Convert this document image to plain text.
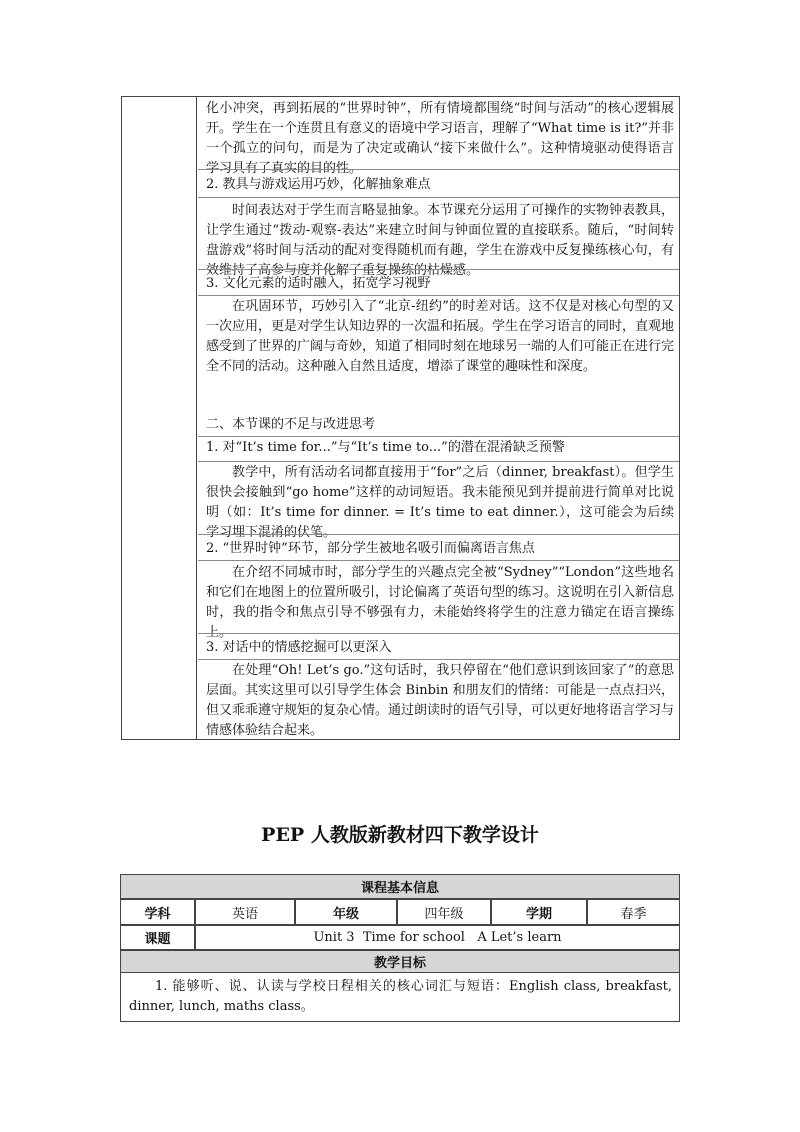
化小冲突，再到拓展的“世界时钟”，所有情境都围绕“时间与活动”的核心逻辑展开。学生在一个连贯且有意义的语境中学习语言，理解了“What time is it?”并非一个孤立的问句，而是为了决定或确认“接下来做什么”。这种情境驱动使得语言学习具有了真实的目的性。
2. 教具与游戏运用巧妙，化解抽象难点
时间表达对于学生而言略显抽象。本节课充分运用了可操作的实物钟表教具，让学生通过“拨动-观察-表达”来建立时间与钟面位置的直接联系。随后，“时间转盘游戏”将时间与活动的配对变得随机而有趣，学生在游戏中反复操练核心句，有效维持了高参与度并化解了重复操练的枯燥感。
3. 文化元素的适时融入，拓宽学习视野
在巩固环节，巧妙引入了“北京-纽约”的时差对话。这不仅是对核心句型的又一次应用，更是对学生认知边界的一次温和拓展。学生在学习语言的同时，直观地感受到了世界的广阔与奇妙，知道了相同时刻在地球另一端的人们可能正在进行完全不同的活动。这种融入自然且适度，增添了课堂的趣味性和深度。
二、本节课的不足与改进思考
1. 对“It’s time for...”与“It’s time to...”的潜在混淆缺乏预警
教学中，所有活动名词都直接用于“for”之后（dinner, breakfast）。但学生很快会接触到“go home”这样的动词短语。我未能预见到并提前进行简单对比说明（如：It’s time for dinner. = It’s time to eat dinner.），这可能会为后续学习埋下混淆的伏笔。
2. “世界时钟”环节，部分学生被地名吸引而偏离语言焦点
在介绍不同城市时，部分学生的兴趣点完全被“Sydney”“London”这些地名和它们在地图上的位置所吸引，讨论偏离了英语句型的练习。这说明在引入新信息时，我的指令和焦点引导不够强有力，未能始终将学生的注意力锚定在语言操练上。
3. 对话中的情感挖掘可以更深入
在处理“Oh! Let’s go.”这句话时，我只停留在“他们意识到该回家了”的意思层面。其实这里可以引导学生体会 Binbin 和朋友们的情绪：可能是一点点扫兴，但又乖乖遵守规矩的复杂心情。通过朗读时的语气引导，可以更好地将语言学习与情感体验结合起来。
PEP 人教版新教材四下教学设计
课程基本信息
学科	英语	年级	四年级	学期	春季
课题	Unit 3  Time for school   A Let’s learn
教学目标
1. 能够听、说、认读与学校日程相关的核心词汇与短语：English class, breakfast, dinner, lunch, maths class。
